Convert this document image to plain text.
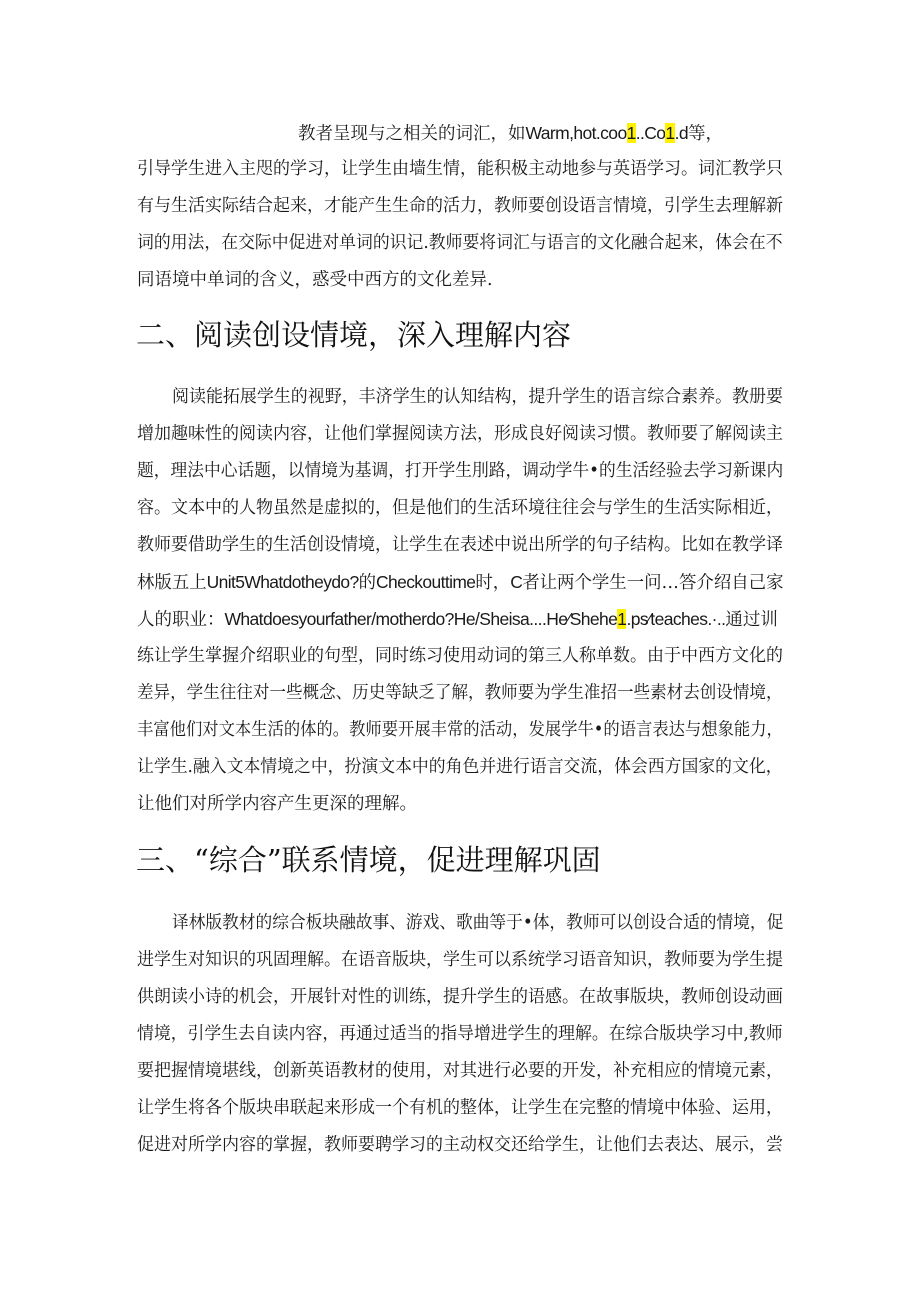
教者呈现与之相关的词汇，如Warm,hot.coo1..Co1.d等，
引导学生进入主咫的学习，让学生由墙生情，能积极主动地参与英语学习。词汇教学只
有与生活实际结合起来，才能产生生命的活力，教师要创设语言情境，引学生去理解新
词的用法，在交际中促进对单词的识记.教师要将词汇与语言的文化融合起来，体会在不
同语境中单词的含义，惑受中西方的文化差异.
二、阅读创设情境，深入理解内容
阅读能拓展学生的视野，丰济学生的认知结构，提升学生的语言综合素养。教册要
增加趣味性的阅读内容，让他们掌握阅读方法，形成良好阅读习惯。教师要了解阅读主
题，理法中心话题，以情境为基调，打开学生刖路，调动学牛•的生活经验去学习新课内
容。文本中的人物虽然是虚拟的，但是他们的生活环境往往会与学生的生活实际相近，
教师要借助学生的生活创设情境，让学生在表述中说出所学的句子结构。比如在教学译
林版五上Unit5Whatdotheydo?的Checkouttime时，C者让两个学生一问…答介绍自己家
人的职业：Whatdoesyourfather/motherdo?He/Sheisa....He∕Shehe1.ps∕teaches.·..通过训
练让学生掌握介绍职业的句型，同时练习使用动词的第三人称单数。由于中西方文化的
差异，学生往往对一些概念、历史等缺乏了解，教师要为学生准招一些素材去创设情境，
丰富他们对文本生活的体的。教师要开展丰常的活动，发展学牛•的语言表达与想象能力，
让学生.融入文本情境之中，扮演文本中的角色并进行语言交流，体会西方国家的文化，
让他们对所学内容产生更深的理解。
三、“综合”联系情境，促进理解巩固
译林版教材的综合板块融故事、游戏、歌曲等于•体，教师可以创设合适的情境，促
进学生对知识的巩固理解。在语音版块，学生可以系统学习语音知识，教师要为学生提
供朗读小诗的机会，开展针对性的训练，提升学生的语感。在故事版块，教师创设动画
情境，引学生去自读内容，再通过适当的指导增进学生的理解。在综合版块学习中,教师
要把握情境堪线，创新英语教材的使用，对其进行必要的开发，补充相应的情境元素，
让学生将各个版块串联起来形成一个有机的整体，让学生在完整的情境中体验、运用，
促进对所学内容的掌握，教师要聘学习的主动权交还给学生，让他们去表达、展示，尝
